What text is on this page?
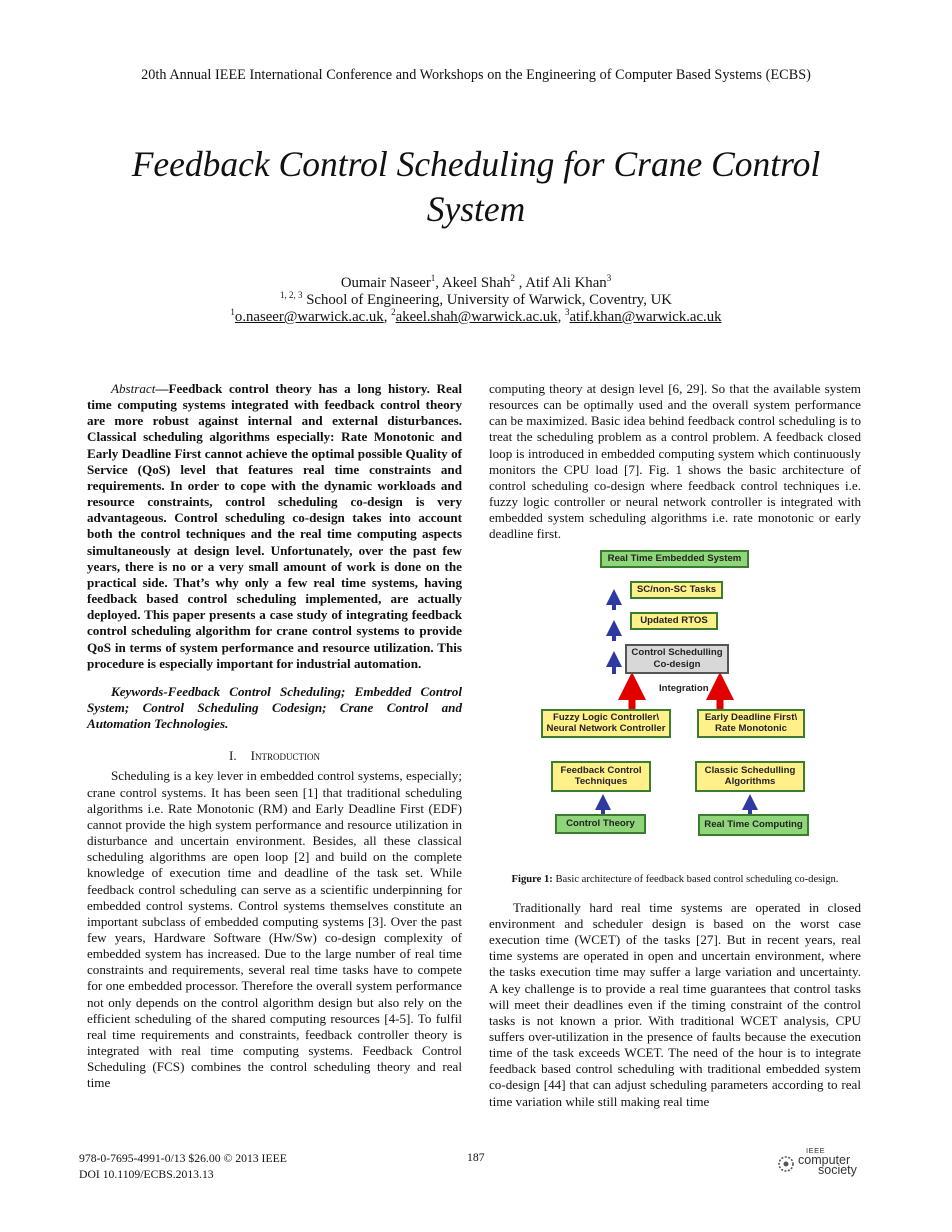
20th Annual IEEE International Conference and Workshops on the Engineering of Computer Based Systems (ECBS)
Feedback Control Scheduling for Crane Control System
Oumair Naseer$^1$, Akeel Shah$^2$ , Atif Ali Khan$^3$
$^{1, 2, 3}$ School of Engineering, University of Warwick, Coventry, UK
$^1$o.naseer@warwick.ac.uk, $^2$akeel.shah@warwick.ac.uk, $^3$atif.khan@warwick.ac.uk

Abstract—Feedback control theory has a long history. Real time computing systems integrated with feedback control theory are more robust against internal and external disturbances. Classical scheduling algorithms especially: Rate Monotonic and Early Deadline First cannot achieve the optimal possible Quality of Service (QoS) level that features real time constraints and requirements. In order to cope with the dynamic workloads and resource constraints, control scheduling co-design is very advantageous. Control scheduling co-design takes into account both the control techniques and the real time computing aspects simultaneously at design level. Unfortunately, over the past few years, there is no or a very small amount of work is done on the practical side. That’s why only a few real time systems, having feedback based control scheduling implemented, are actually deployed. This paper presents a case study of integrating feedback control scheduling algorithm for crane control systems to provide QoS in terms of system performance and resource utilization. This procedure is especially important for industrial automation.

Keywords-Feedback Control Scheduling; Embedded Control System; Control Scheduling Codesign; Crane Control and Automation Technologies.

I. Introduction

Scheduling is a key lever in embedded control systems, especially; crane control systems. It has been seen [1] that traditional scheduling algorithms i.e. Rate Monotonic (RM) and Early Deadline First (EDF) cannot provide the high system performance and resource utilization in disturbance and uncertain environment. Besides, all these classical scheduling algorithms are open loop [2] and build on the complete knowledge of execution time and deadline of the task set. While feedback control scheduling can serve as a scientific underpinning for embedded control systems. Control systems themselves constitute an important subclass of embedded computing systems [3]. Over the past few years, Hardware Software (Hw/Sw) co-design complexity of embedded system has increased. Due to the large number of real time constraints and requirements, several real time tasks have to compete for one embedded processor. Therefore the overall system performance not only depends on the control algorithm design but also rely on the efficient scheduling of the shared computing resources [4-5]. To fulfil real time requirements and constraints, feedback controller theory is integrated with real time computing systems. Feedback Control Scheduling (FCS) combines the control scheduling theory and real time

computing theory at design level [6, 29]. So that the available system resources can be optimally used and the overall system performance can be maximized. Basic idea behind feedback control scheduling is to treat the scheduling problem as a control problem. A feedback closed loop is introduced in embedded computing system which continuously monitors the CPU load [7]. Fig. 1 shows the basic architecture of control scheduling co-design where feedback control techniques i.e. fuzzy logic controller or neural network controller is integrated with embedded system scheduling algorithms i.e. rate monotonic or early deadline first.

Real Time Embedded System
SC/non-SC Tasks
Updated RTOS
Control Schedulling
Co-design
Integration
Fuzzy Logic Controller\
Neural Network Controller
Early Deadline First\
Rate Monotonic
Feedback Control
Techniques
Classic Schedulling
Algorithms
Control Theory	Real Time Computing
Figure 1: Basic architecture of feedback based control scheduling co-design.

Traditionally hard real time systems are operated in closed environment and scheduler design is based on the worst case execution time (WCET) of the tasks [27]. But in recent years, real time systems are operated in open and uncertain environment, where the tasks execution time may suffer a large variation and uncertainty. A key challenge is to provide a real time guarantees that control tasks will meet their deadlines even if the timing constraint of the control tasks is not known a prior. With traditional WCET analysis, CPU suffers over-utilization in the presence of faults because the execution time of the task exceeds WCET. The need of the hour is to integrate feedback based control scheduling with traditional embedded system co-design [44] that can adjust scheduling parameters according to real time variation while still making real time

978-0-7695-4991-0/13 $26.00 © 2013 IEEE
DOI 10.1109/ECBS.2013.13
187
IEEE
computer
society
